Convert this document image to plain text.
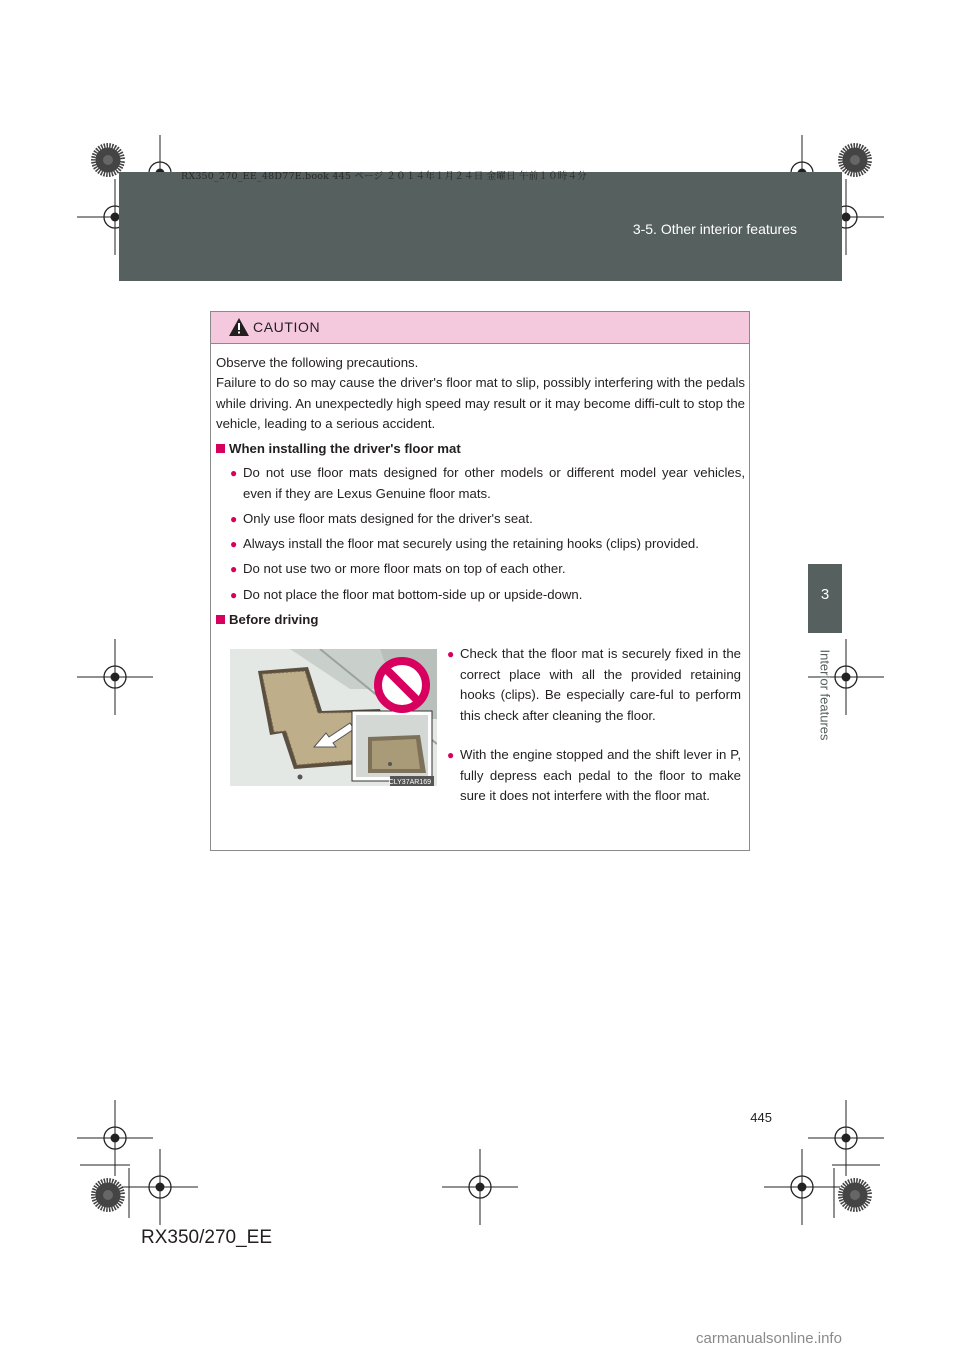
RX350_270_EE_48D77E.book 445 ページ ２０１４年１月２４日 金曜日 午前１０時４分
3-5. Other interior features
3
Interior features
CAUTION
Observe the following precautions.
Failure to do so may cause the driver's floor mat to slip, possibly interfering with the pedals while driving. An unexpectedly high speed may result or it may become diffi-cult to stop the vehicle, leading to a serious accident.
When installing the driver's floor mat
● Do not use floor mats designed for other models or different model year vehicles, even if they are Lexus Genuine floor mats.
● Only use floor mats designed for the driver's seat.
● Always install the floor mat securely using the retaining hooks (clips) provided.
● Do not use two or more floor mats on top of each other.
● Do not place the floor mat bottom-side up or upside-down.
Before driving
CLY37AR169
● Check that the floor mat is securely fixed in the correct place with all the provided retaining hooks (clips). Be especially care-ful to perform this check after cleaning the floor.
● With the engine stopped and the shift lever in P, fully depress each pedal to the floor to make sure it does not interfere with the floor mat.
445
RX350/270_EE
carmanualsonline.info
